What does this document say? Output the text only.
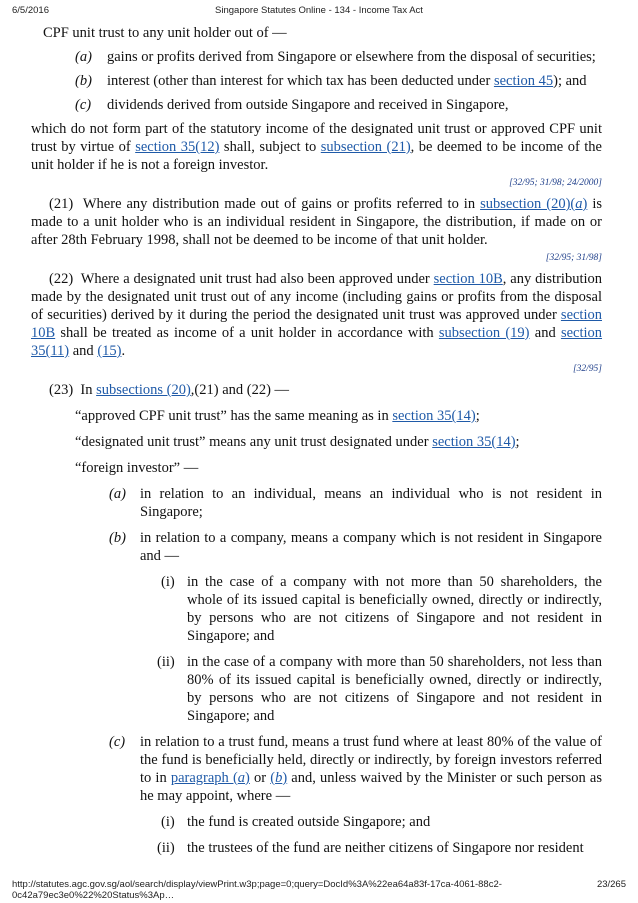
6/5/2016	Singapore Statutes Online - 134 - Income Tax Act

CPF unit trust to any unit holder out of —

(a) gains or profits derived from Singapore or elsewhere from the disposal of securities;

(b) interest (other than interest for which tax has been deducted under section 45); and

(c) dividends derived from outside Singapore and received in Singapore,

which do not form part of the statutory income of the designated unit trust or approved CPF unit trust by virtue of section 35(12) shall, subject to subsection (21), be deemed to be income of the unit holder if he is not a foreign investor.

[32/95; 31/98; 24/2000]

(21) Where any distribution made out of gains or profits referred to in subsection (20)(a) is made to a unit holder who is an individual resident in Singapore, the distribution, if made on or after 28th February 1998, shall not be deemed to be income of that unit holder.

[32/95; 31/98]

(22) Where a designated unit trust had also been approved under section 10B, any distribution made by the designated unit trust out of any income (including gains or profits from the disposal of securities) derived by it during the period the designated unit trust was approved under section 10B shall be treated as income of a unit holder in accordance with subsection (19) and section 35(11) and (15).

[32/95]

(23) In subsections (20),(21) and (22) —

“approved CPF unit trust” has the same meaning as in section 35(14);

“designated unit trust” means any unit trust designated under section 35(14);

“foreign investor” —

(a) in relation to an individual, means an individual who is not resident in Singapore;

(b) in relation to a company, means a company which is not resident in Singapore and —

(i) in the case of a company with not more than 50 shareholders, the whole of its issued capital is beneficially owned, directly or indirectly, by persons who are not citizens of Singapore and not resident in Singapore; and

(ii) in the case of a company with more than 50 shareholders, not less than 80% of its issued capital is beneficially owned, directly or indirectly, by persons who are not citizens of Singapore and not resident in Singapore; and

(c) in relation to a trust fund, means a trust fund where at least 80% of the value of the fund is beneficially held, directly or indirectly, by foreign investors referred to in paragraph (a) or (b) and, unless waived by the Minister or such person as he may appoint, where —

(i) the fund is created outside Singapore; and

(ii) the trustees of the fund are neither citizens of Singapore nor resident

http://statutes.agc.gov.sg/aol/search/display/viewPrint.w3p;page=0;query=DocId%3A%22ea64a83f-17ca-4061-88c2-0c42a79ec3e0%22%20Status%3Ap…
23/265
